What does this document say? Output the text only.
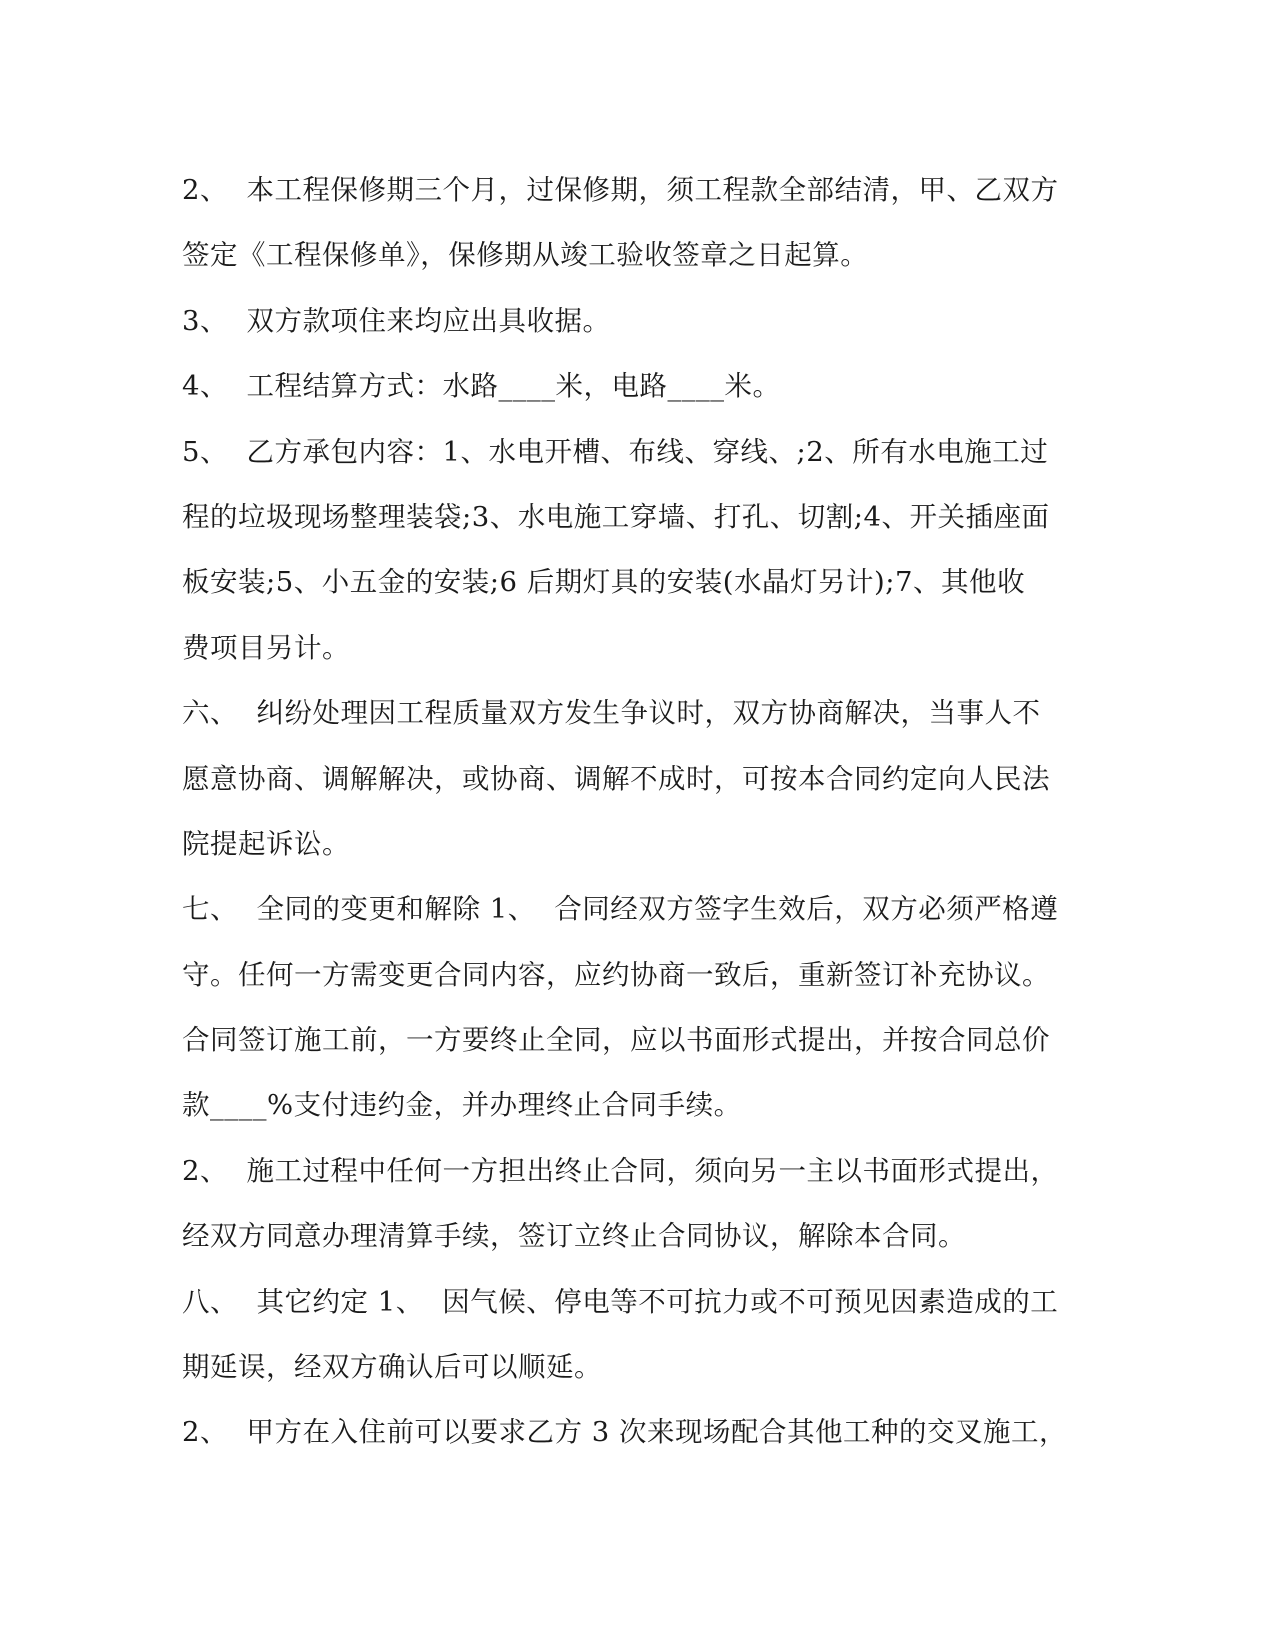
2、  本工程保修期三个月，过保修期，须工程款全部结清，甲、乙双方
签定《工程保修单》，保修期从竣工验收签章之日起算。
3、  双方款项住来均应出具收据。
4、  工程结算方式：水路____米，电路____米。
5、  乙方承包内容：1、水电开槽、布线、穿线、;2、所有水电施工过
程的垃圾现场整理装袋;3、水电施工穿墙、打孔、切割;4、开关插座面
板安装;5、小五金的安装;6 后期灯具的安装(水晶灯另计);7、其他收
费项目另计。
六、  纠纷处理因工程质量双方发生争议时，双方协商解决，当事人不
愿意协商、调解解决，或协商、调解不成时，可按本合同约定向人民法
院提起诉讼。
七、  全同的变更和解除 1、  合同经双方签字生效后，双方必须严格遵
守。任何一方需变更合同内容，应约协商一致后，重新签订补充协议。
合同签订施工前，一方要终止全同，应以书面形式提出，并按合同总价
款____%支付违约金，并办理终止合同手续。
2、  施工过程中任何一方担出终止合同，须向另一主以书面形式提出，
经双方同意办理清算手续，签订立终止合同协议，解除本合同。
八、  其它约定 1、  因气候、停电等不可抗力或不可预见因素造成的工
期延误，经双方确认后可以顺延。
2、  甲方在入住前可以要求乙方 3 次来现场配合其他工种的交叉施工，
